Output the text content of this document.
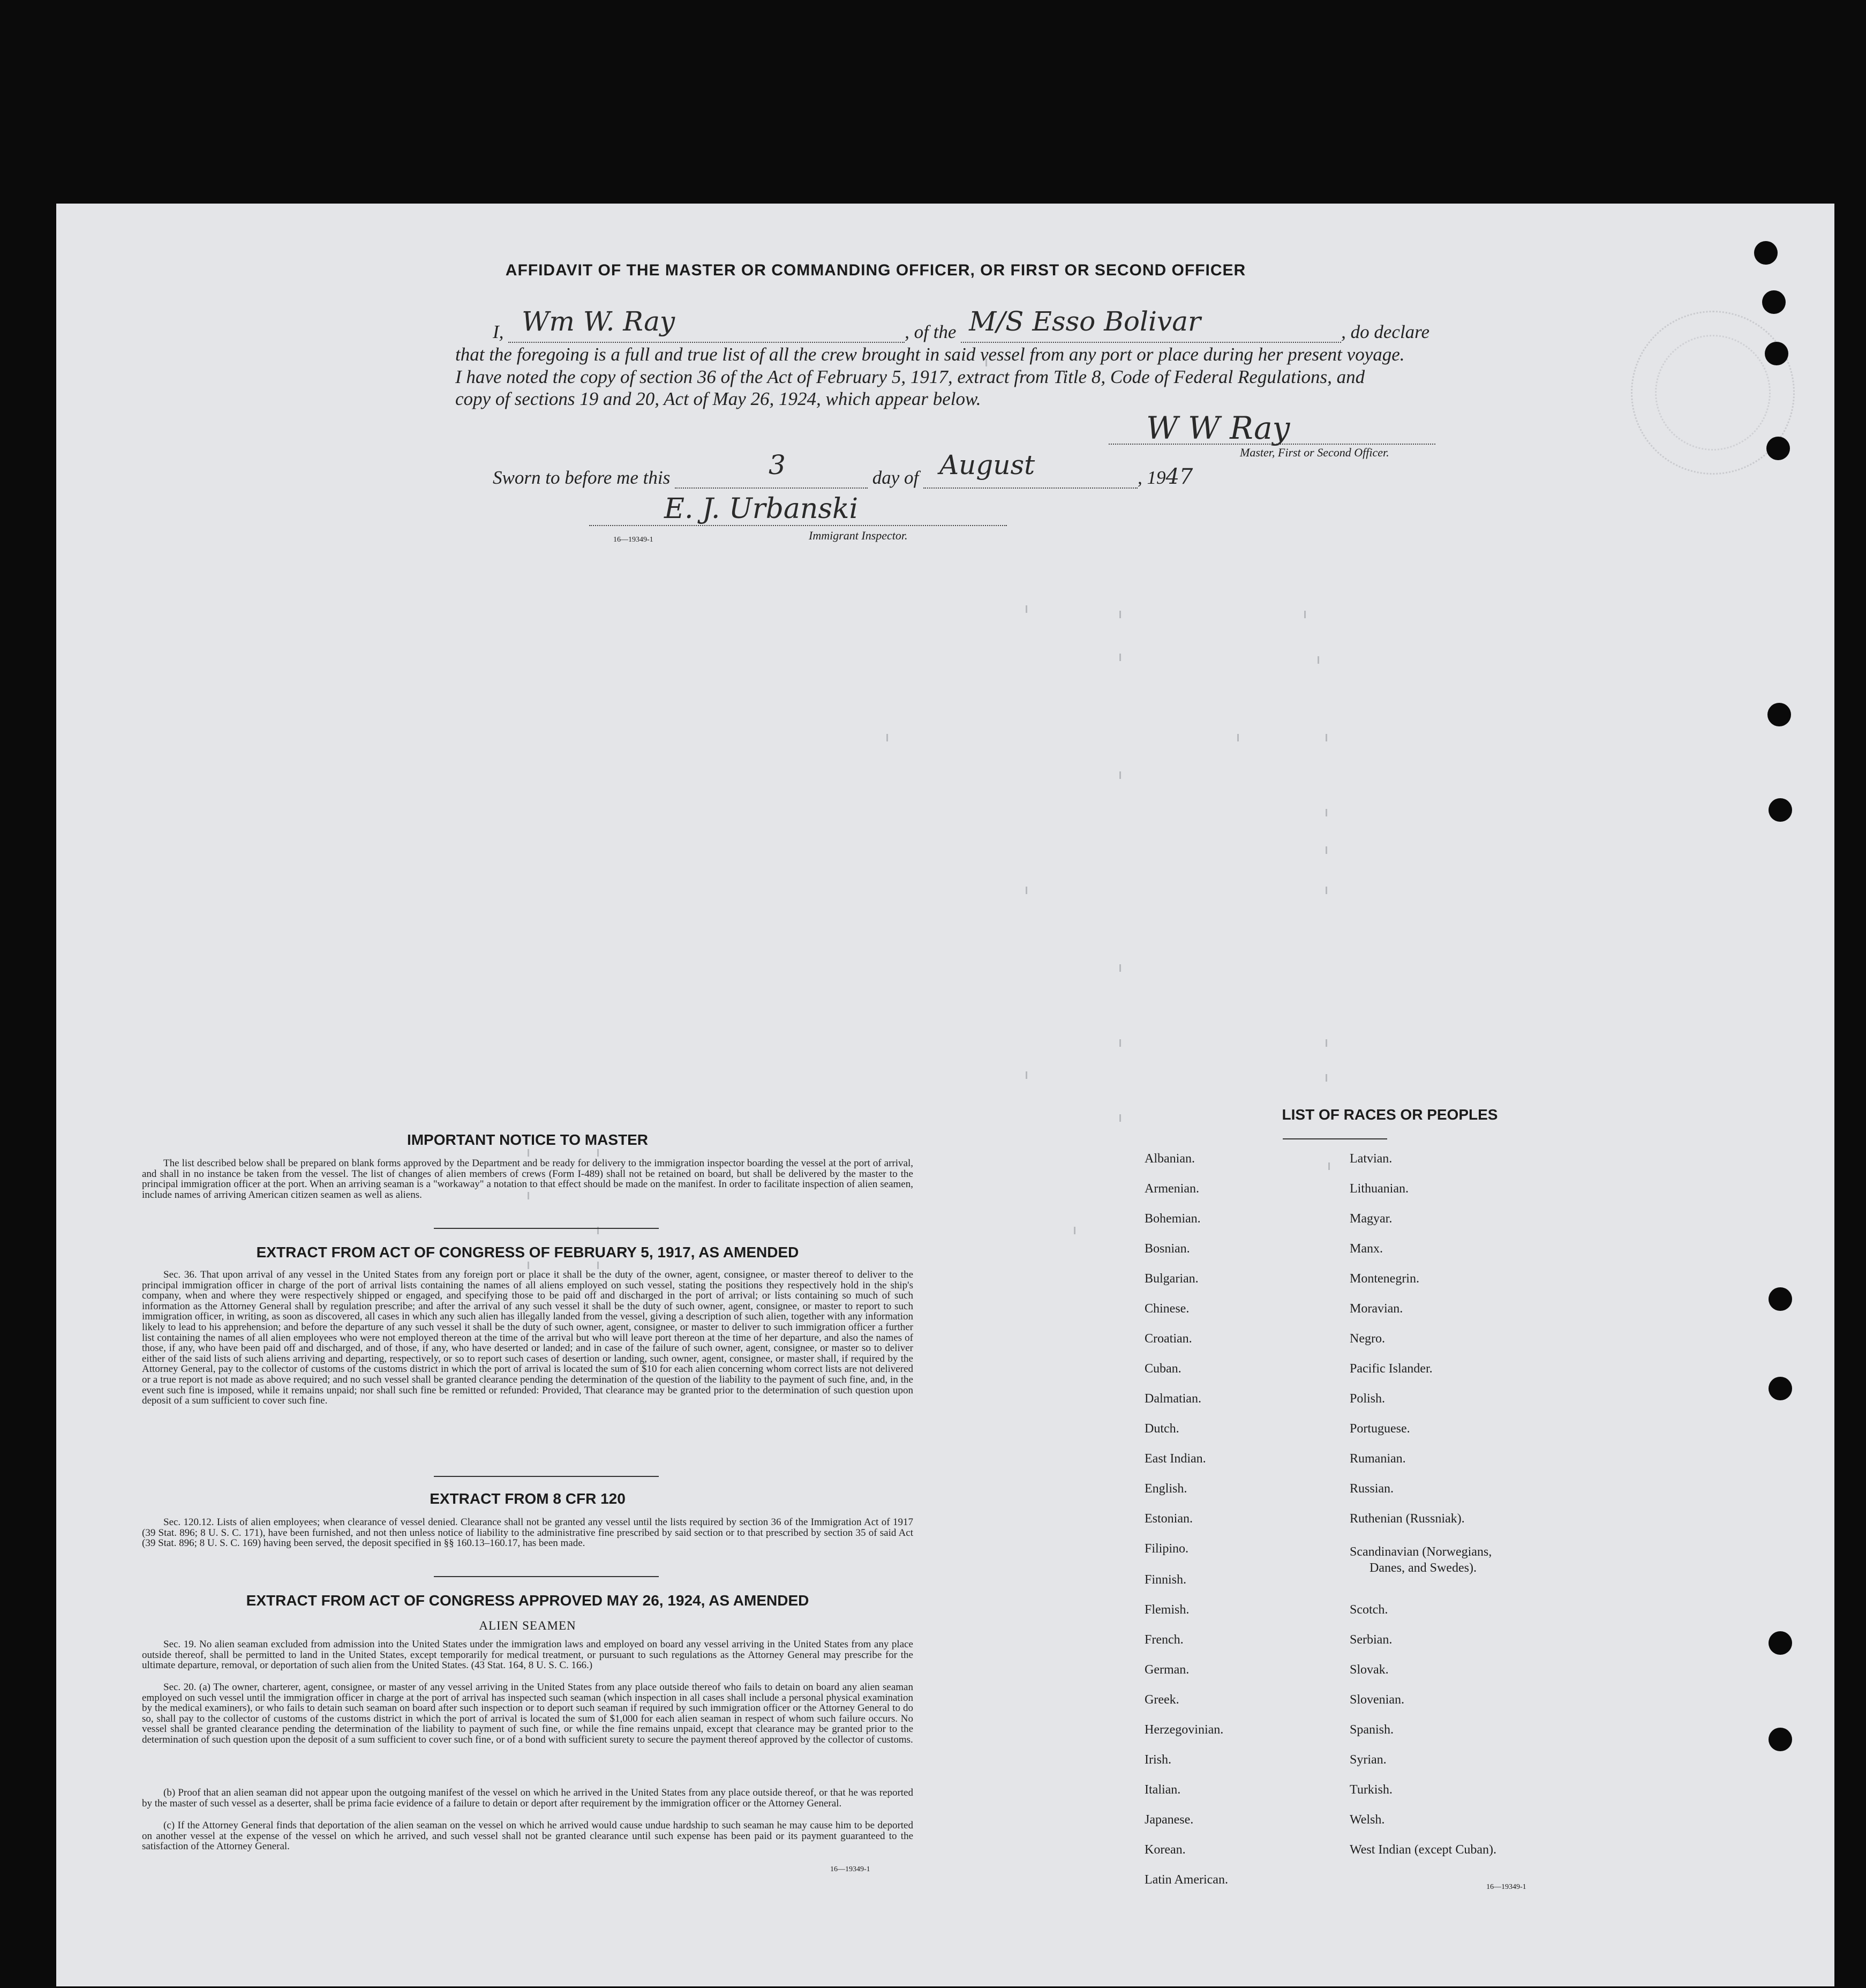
AFFIDAVIT OF THE MASTER OR COMMANDING OFFICER, OR FIRST OR SECOND OFFICER
I, Wm W. Ray	, of the M/S Esso Bolivar	, do declare
that the foregoing is a full and true list of all the crew brought in said vessel from any port or place during her present voyage.
I have noted the copy of section 36 of the Act of February 5, 1917, extract from Title 8, Code of Federal Regulations, and
copy of sections 19 and 20, Act of May 26, 1924, which appear below.
W W Ray
Master, First or Second Officer.
Sworn to before me this	3	day of August	, 1947
E. J. Urbanski
16—19349-1	Immigrant Inspector.
IMPORTANT NOTICE TO MASTER
The list described below shall be prepared on blank forms approved by the Department and be ready for delivery to the immigration inspector boarding the vessel at the port of arrival, and shall in no instance be taken from the vessel. The list of changes of alien members of crews (Form I-489) shall not be retained on board, but shall be delivered by the master to the principal immigration officer at the port. When an arriving seaman is a "workaway" a notation to that effect should be made on the manifest. In order to facilitate inspection of alien seamen, include names of arriving American citizen seamen as well as aliens.
EXTRACT FROM ACT OF CONGRESS OF FEBRUARY 5, 1917, AS AMENDED
Sec. 36. That upon arrival of any vessel in the United States from any foreign port or place it shall be the duty of the owner, agent, consignee, or master thereof to deliver to the principal immigration officer in charge of the port of arrival lists containing the names of all aliens employed on such vessel, stating the positions they respectively hold in the ship's company, when and where they were respectively shipped or engaged, and specifying those to be paid off and discharged in the port of arrival; or lists containing so much of such information as the Attorney General shall by regulation prescribe; and after the arrival of any such vessel it shall be the duty of such owner, agent, consignee, or master to report to such immigration officer, in writing, as soon as discovered, all cases in which any such alien has illegally landed from the vessel, giving a description of such alien, together with any information likely to lead to his apprehension; and before the departure of any such vessel it shall be the duty of such owner, agent, consignee, or master to deliver to such immigration officer a further list containing the names of all alien employees who were not employed thereon at the time of the arrival but who will leave port thereon at the time of her departure, and also the names of those, if any, who have been paid off and discharged, and of those, if any, who have deserted or landed; and in case of the failure of such owner, agent, consignee, or master so to deliver either of the said lists of such aliens arriving and departing, respectively, or so to report such cases of desertion or landing, such owner, agent, consignee, or master shall, if required by the Attorney General, pay to the collector of customs of the customs district in which the port of arrival is located the sum of $10 for each alien concerning whom correct lists are not delivered or a true report is not made as above required; and no such vessel shall be granted clearance pending the determination of the question of the liability to the payment of such fine, and, in the event such fine is imposed, while it remains unpaid; nor shall such fine be remitted or refunded: Provided, That clearance may be granted prior to the determination of such question upon deposit of a sum sufficient to cover such fine.
EXTRACT FROM 8 CFR 120
Sec. 120.12. Lists of alien employees; when clearance of vessel denied. Clearance shall not be granted any vessel until the lists required by section 36 of the Immigration Act of 1917 (39 Stat. 896; 8 U. S. C. 171), have been furnished, and not then unless notice of liability to the administrative fine prescribed by said section or to that prescribed by section 35 of said Act (39 Stat. 896; 8 U. S. C. 169) having been served, the deposit specified in §§ 160.13–160.17, has been made.
EXTRACT FROM ACT OF CONGRESS APPROVED MAY 26, 1924, AS AMENDED
ALIEN SEAMEN
Sec. 19. No alien seaman excluded from admission into the United States under the immigration laws and employed on board any vessel arriving in the United States from any place outside thereof, shall be permitted to land in the United States, except temporarily for medical treatment, or pursuant to such regulations as the Attorney General may prescribe for the ultimate departure, removal, or deportation of such alien from the United States. (43 Stat. 164, 8 U. S. C. 166.)
Sec. 20. (a) The owner, charterer, agent, consignee, or master of any vessel arriving in the United States from any place outside thereof who fails to detain on board any alien seaman employed on such vessel until the immigration officer in charge at the port of arrival has inspected such seaman (which inspection in all cases shall include a personal physical examination by the medical examiners), or who fails to detain such seaman on board after such inspection or to deport such seaman if required by such immigration officer or the Attorney General to do so, shall pay to the collector of customs of the customs district in which the port of arrival is located the sum of $1,000 for each alien seaman in respect of whom such failure occurs. No vessel shall be granted clearance pending the determination of the liability to payment of such fine, or while the fine remains unpaid, except that clearance may be granted prior to the determination of such question upon the deposit of a sum sufficient to cover such fine, or of a bond with sufficient surety to secure the payment thereof approved by the collector of customs.
(b) Proof that an alien seaman did not appear upon the outgoing manifest of the vessel on which he arrived in the United States from any place outside thereof, or that he was reported by the master of such vessel as a deserter, shall be prima facie evidence of a failure to detain or deport after requirement by the immigration officer or the Attorney General.
(c) If the Attorney General finds that deportation of the alien seaman on the vessel on which he arrived would cause undue hardship to such seaman he may cause him to be deported on another vessel at the expense of the vessel on which he arrived, and such vessel shall not be granted clearance until such expense has been paid or its payment guaranteed to the satisfaction of the Attorney General.
16—19349-1
LIST OF RACES OR PEOPLES
Albanian.
Armenian.
Bohemian.
Bosnian.
Bulgarian.
Chinese.
Croatian.
Cuban.
Dalmatian.
Dutch.
East Indian.
English.
Estonian.
Filipino.
Finnish.
Flemish.
French.
German.
Greek.
Herzegovinian.
Irish.
Italian.
Japanese.
Korean.
Latin American.
Latvian.
Lithuanian.
Magyar.
Manx.
Montenegrin.
Moravian.
Negro.
Pacific Islander.
Polish.
Portuguese.
Rumanian.
Russian.
Ruthenian (Russniak).
Scandinavian (Norwegians,
Danes, and Swedes).
Scotch.
Serbian.
Slovak.
Slovenian.
Spanish.
Syrian.
Turkish.
Welsh.
West Indian (except Cuban).
16—19349-1
